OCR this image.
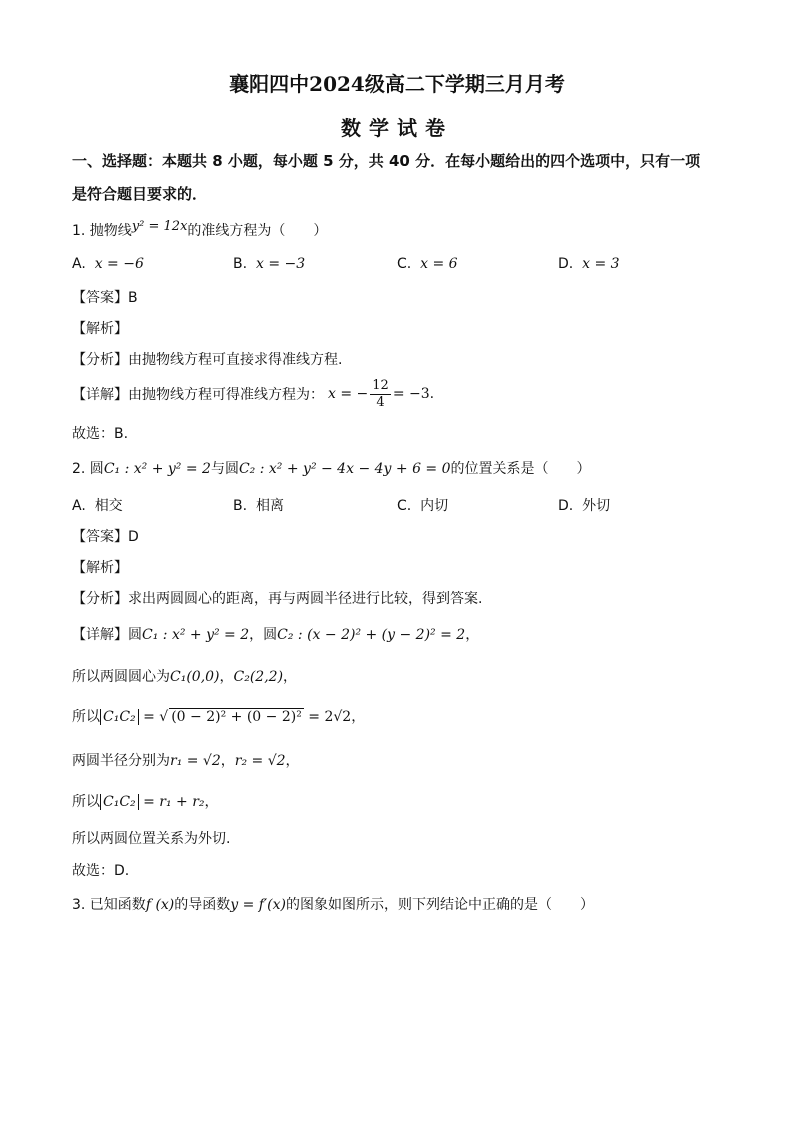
襄阳四中2024级高二下学期三月月考
数学试卷
一、选择题：本题共 8 小题，每小题 5 分，共 40 分．在每小题给出的四个选项中，只有一项
是符合题目要求的．
1. 抛物线y² = 12x的准线方程为（　　）
A. x = −6	B. x = −3	C. x = 6	D. x = 3
【答案】B
【解析】
【分析】由抛物线方程可直接求得准线方程.
【详解】由抛物线方程可得准线方程为： x = − $\frac{12}{4} = -3$ .
故选：B.
2. 圆C₁ : x² + y² = 2与圆C₂ : x² + y² − 4x − 4y + 6 = 0的位置关系是（　　）
A. 相交	B. 相离	C. 内切	D. 外切
【答案】D
【解析】
【分析】求出两圆圆心的距离，再与两圆半径进行比较，得到答案.
【详解】圆C₁ : x² + y² = 2，圆C₂ : (x − 2)² + (y − 2)² = 2，
所以两圆圆心为C₁(0,0)，C₂(2,2)，
所以 C₁C₂ = √ (0 − 2)² + (0 − 2)² = 2√2，
两圆半径分别为r₁ = √2，r₂ = √2，
所以 C₁C₂ = r₁ + r₂，
所以两圆位置关系为外切.
故选：D.
3. 已知函数f (x)的导函数y = f′(x)的图象如图所示，则下列结论中正确的是（　　）
